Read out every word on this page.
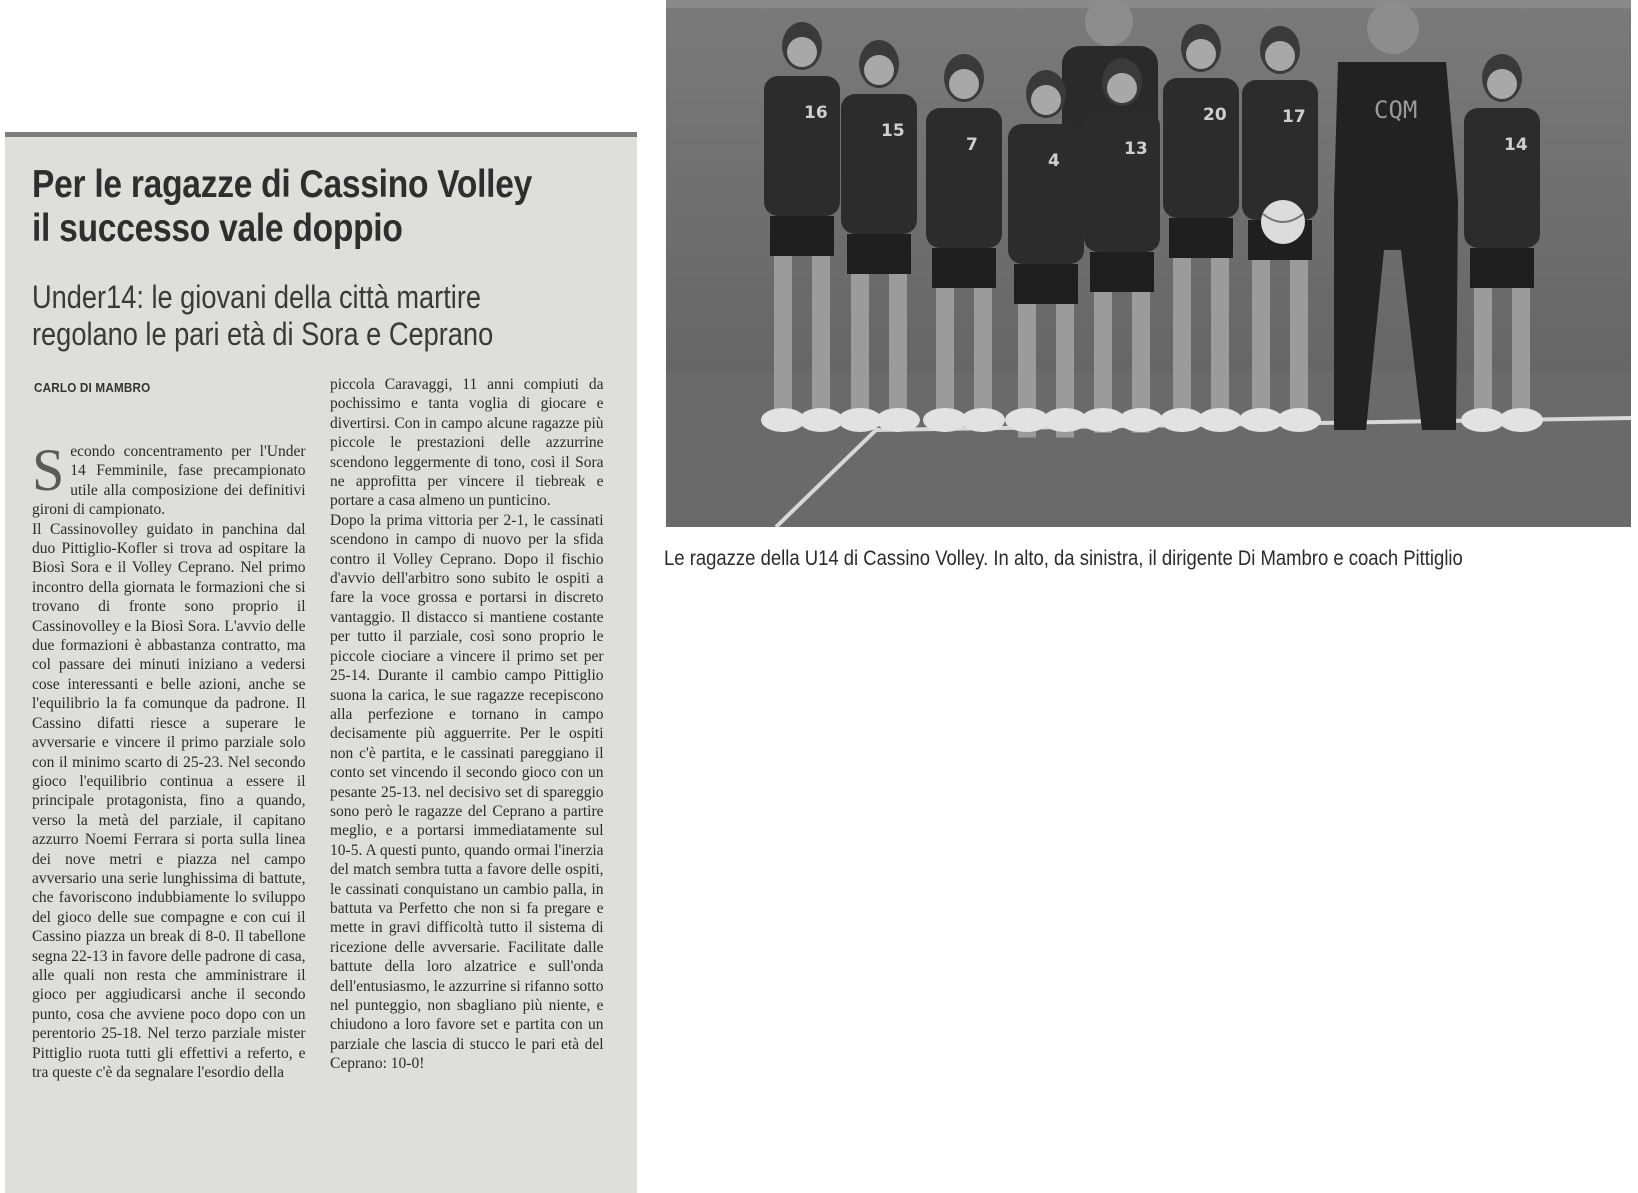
Per le ragazze di Cassino Volley il successo vale doppio
Under14: le giovani della città martire regolano le pari età di Sora e Ceprano
CARLO DI MAMBRO

Secondo concentramento per l'Under 14 Femminile, fase precampionato utile alla composizione dei definitivi gironi di campionato.

Il Cassinovolley guidato in panchina dal duo Pittiglio-Kofler si trova ad ospitare la Biosì Sora e il Volley Ceprano. Nel primo incontro della giornata le formazioni che si trovano di fronte sono proprio il Cassinovolley e la Biosì Sora. L'avvio delle due formazioni è abbastanza contratto, ma col passare dei minuti iniziano a vedersi cose interessanti e belle azioni, anche se l'equilibrio la fa comunque da padrone. Il Cassino difatti riesce a superare le avversarie e vincere il primo parziale solo con il minimo scarto di 25-23. Nel secondo gioco l'equilibrio continua a essere il principale protagonista, fino a quando, verso la metà del parziale, il capitano azzurro Noemi Ferrara si porta sulla linea dei nove metri e piazza nel campo avversario una serie lunghissima di battute, che favoriscono indubbiamente lo sviluppo del gioco delle sue compagne e con cui il Cassino piazza un break di 8-0. Il tabellone segna 22-13 in favore delle padrone di casa, alle quali non resta che amministrare il gioco per aggiudicarsi anche il secondo punto, cosa che avviene poco dopo con un perentorio 25-18. Nel terzo parziale mister Pittiglio ruota tutti gli effettivi a referto, e tra queste c'è da segnalare l'esordio della

piccola Caravaggi, 11 anni compiuti da pochissimo e tanta voglia di giocare e divertirsi. Con in campo alcune ragazze più piccole le prestazioni delle azzurrine scendono leggermente di tono, così il Sora ne approfitta per vincere il tiebreak e portare a casa almeno un punticino.

Dopo la prima vittoria per 2-1, le cassinati scendono in campo di nuovo per la sfida contro il Volley Ceprano. Dopo il fischio d'avvio dell'arbitro sono subito le ospiti a fare la voce grossa e portarsi in discreto vantaggio. Il distacco si mantiene costante per tutto il parziale, così sono proprio le piccole ciociare a vincere il primo set per 25-14. Durante il cambio campo Pittiglio suona la carica, le sue ragazze recepiscono alla perfezione e tornano in campo decisamente più agguerrite. Per le ospiti non c'è partita, e le cassinati pareggiano il conto set vincendo il secondo gioco con un pesante 25-13. nel decisivo set di spareggio sono però le ragazze del Ceprano a partire meglio, e a portarsi immediatamente sul 10-5. A questi punto, quando ormai l'inerzia del match sembra tutta a favore delle ospiti, le cassinati conquistano un cambio palla, in battuta va Perfetto che non si fa pregare e mette in gravi difficoltà tutto il sistema di ricezione delle avversarie. Facilitate dalle battute della loro alzatrice e sull'onda dell'entusiasmo, le azzurrine si rifanno sotto nel punteggio, non sbagliano più niente, e chiudono a loro favore set e partita con un parziale che lascia di stucco le pari età del Ceprano: 10-0!

CQM
16
15
7
4
13
20	17
14
Le ragazze della U14 di Cassino Volley. In alto, da sinistra, il dirigente Di Mambro e coach Pittiglio
